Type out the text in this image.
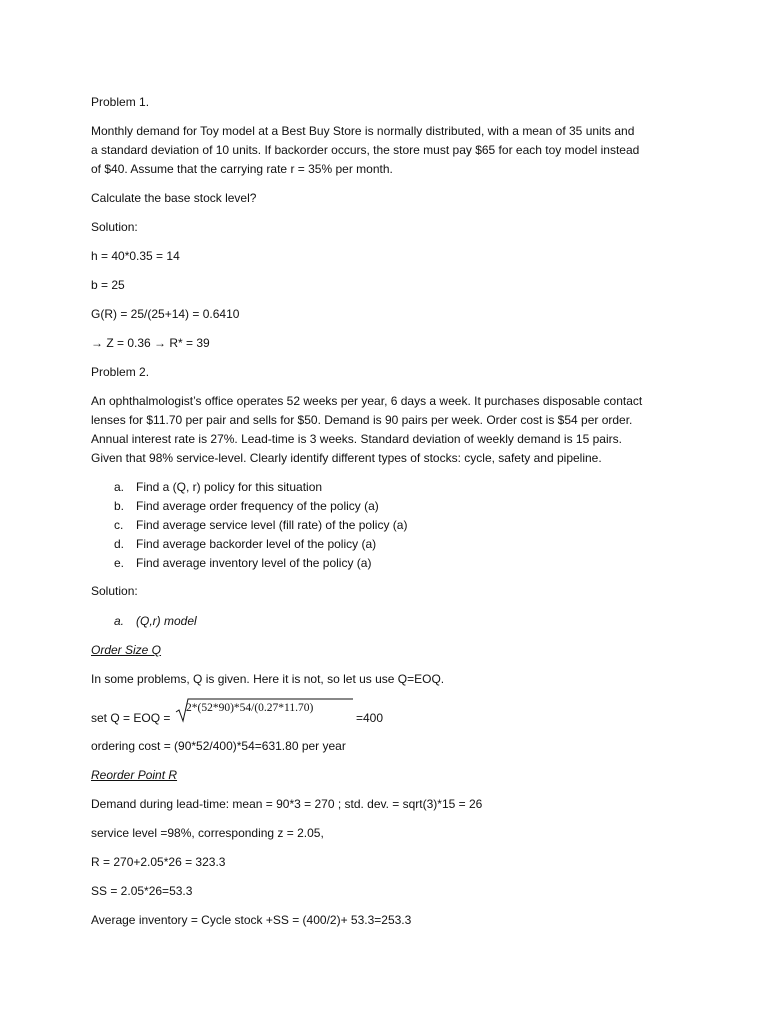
Problem 1.
Monthly demand for Toy model at a Best Buy Store is normally distributed, with a mean of 35 units and
a standard deviation of 10 units. If backorder occurs, the store must pay $65 for each toy model instead
of $40. Assume that the carrying rate r = 35% per month.
Calculate the base stock level?
Solution:
h = 40*0.35 = 14
b = 25
G(R) = 25/(25+14) = 0.6410
→ Z = 0.36 → R* = 39
Problem 2.
An ophthalmologist’s office operates 52 weeks per year, 6 days a week. It purchases disposable contact
lenses for $11.70 per pair and sells for $50. Demand is 90 pairs per week. Order cost is $54 per order.
Annual interest rate is 27%. Lead-time is 3 weeks. Standard deviation of weekly demand is 15 pairs.
Given that 98% service-level. Clearly identify different types of stocks: cycle, safety and pipeline.
a. Find a (Q, r) policy for this situation
b. Find average order frequency of the policy (a)
c. Find average service level (fill rate) of the policy (a)
d. Find average backorder level of the policy (a)
e. Find average inventory level of the policy (a)
Solution:
a. (Q,r) model
Order Size Q
In some problems, Q is given. Here it is not, so let us use Q=EOQ.
set Q = EOQ =
2*(52*90)*54/(0.27*11.70)
=400
ordering cost = (90*52/400)*54=631.80 per year
Reorder Point R
Demand during lead-time: mean = 90*3 = 270 ; std. dev. = sqrt(3)*15 = 26
service level =98%, corresponding z = 2.05,
R = 270+2.05*26 = 323.3
SS = 2.05*26=53.3
Average inventory = Cycle stock +SS = (400/2)+ 53.3=253.3
